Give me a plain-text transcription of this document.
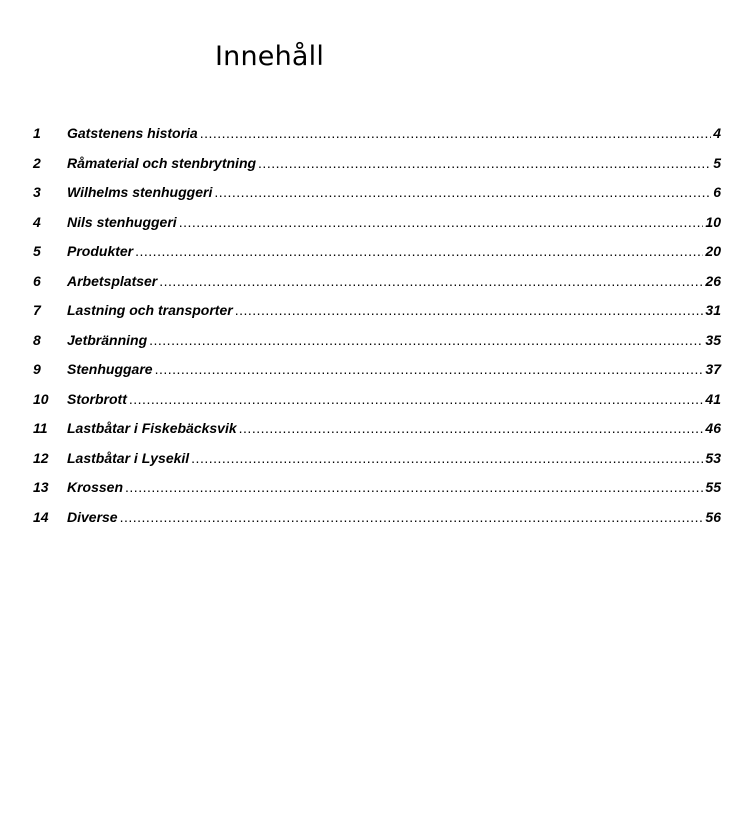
Innehåll
1	Gatstenens historia .....	4
2	Råmaterial och stenbrytning .....	5
3	Wilhelms stenhuggeri .....	6
4	Nils stenhuggeri .....	10
5	Produkter .....	20
6	Arbetsplatser .....	26
7	Lastning och transporter .....	31
8	Jetbränning .....	35
9	Stenhuggare .....	37
10	Storbrott .....	41
11	Lastbåtar i Fiskebäcksvik .....	46
12	Lastbåtar i Lysekil .....	53
13	Krossen .....	55
14	Diverse .....	56
